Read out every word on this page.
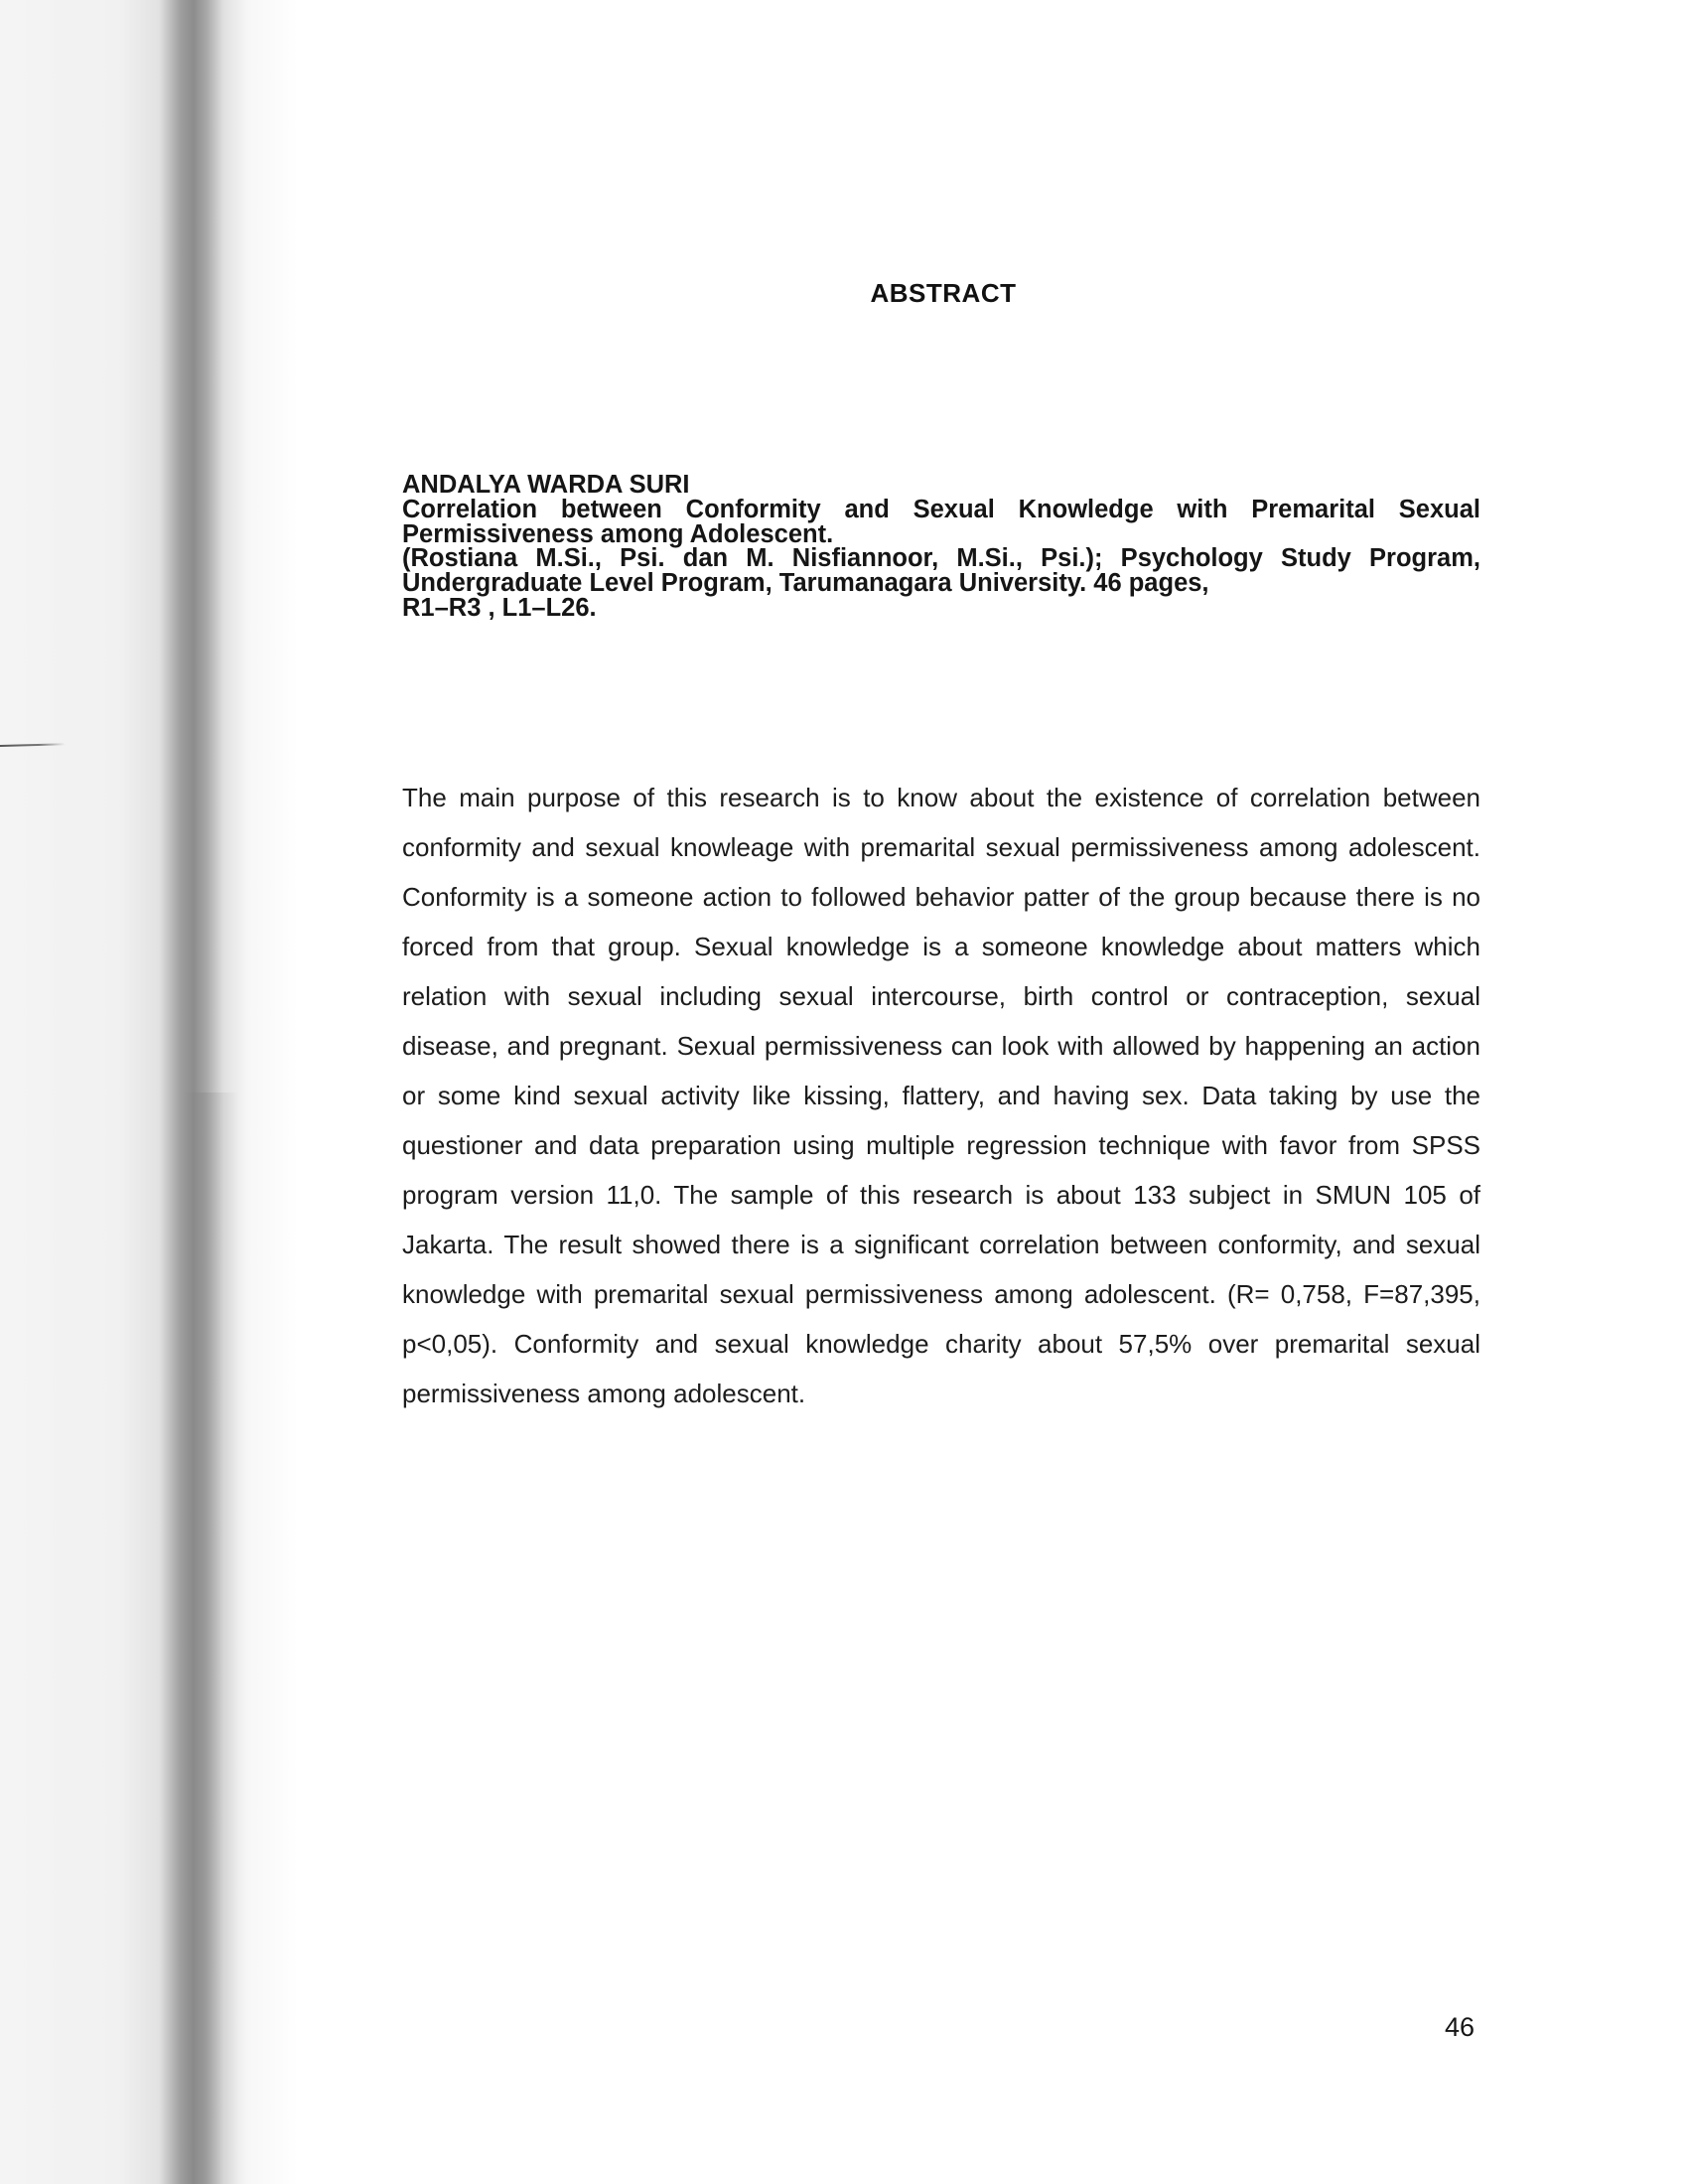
ABSTRACT
ANDALYA WARDA SURI
Correlation between Conformity and Sexual Knowledge with Premarital Sexual Permissiveness among Adolescent.
(Rostiana M.Si., Psi. dan M. Nisfiannoor, M.Si., Psi.); Psychology Study Program, Undergraduate Level Program, Tarumanagara University. 46 pages,
R1–R3 , L1–L26.

The main purpose of this research is to know about the existence of correlation between conformity and sexual knowleage with premarital sexual permissiveness among adolescent. Conformity is a someone action to followed behavior patter of the group because there is no forced from that group. Sexual knowledge is a someone knowledge about matters which relation with sexual including sexual intercourse, birth control or contraception, sexual disease, and pregnant. Sexual permissiveness can look with allowed by happening an action or some kind sexual activity like kissing, flattery, and having sex. Data taking by use the questioner and data preparation using multiple regression technique with favor from SPSS program version 11,0. The sample of this research is about 133 subject in SMUN 105 of Jakarta. The result showed there is a significant correlation between conformity, and sexual knowledge with premarital sexual permissiveness among adolescent. (R= 0,758, F=87,395, p<0,05). Conformity and sexual knowledge charity about 57,5% over premarital sexual permissiveness among adolescent.

46
